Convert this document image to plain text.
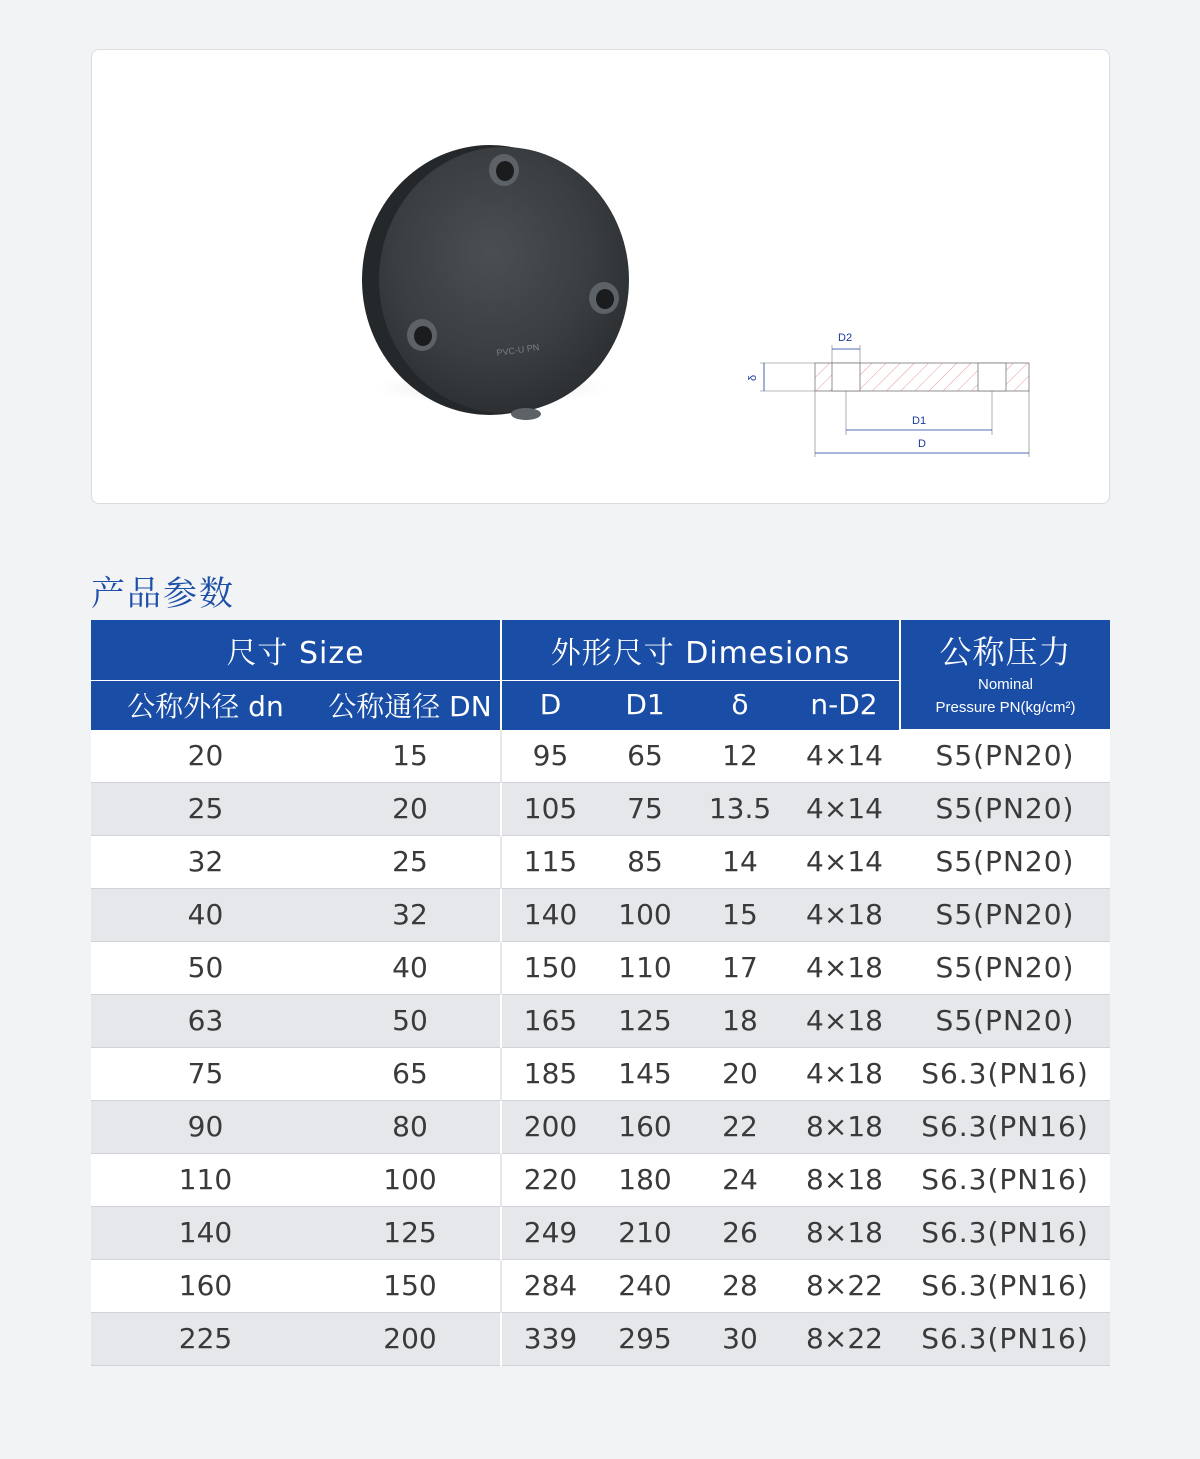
PVC-U PN
D2
δ
D1
D
产品参数
尺寸 Size		外形尺寸 Dimesions				公称压力
Nominal
Pressure PN(kg/cm²)

公称外径 dn	公称通径 DN	D	D1	δ	n-D2	
20	15	95	65	12	4×14	S5(PN20)
25	20	105	75	13.5	4×14	S5(PN20)
32	25	115	85	14	4×14	S5(PN20)
40	32	140	100	15	4×18	S5(PN20)
50	40	150	110	17	4×18	S5(PN20)
63	50	165	125	18	4×18	S5(PN20)
75	65	185	145	20	4×18	S6.3(PN16)
90	80	200	160	22	8×18	S6.3(PN16)
110	100	220	180	24	8×18	S6.3(PN16)
140	125	249	210	26	8×18	S6.3(PN16)
160	150	284	240	28	8×22	S6.3(PN16)
225	200	339	295	30	8×22	S6.3(PN16)
